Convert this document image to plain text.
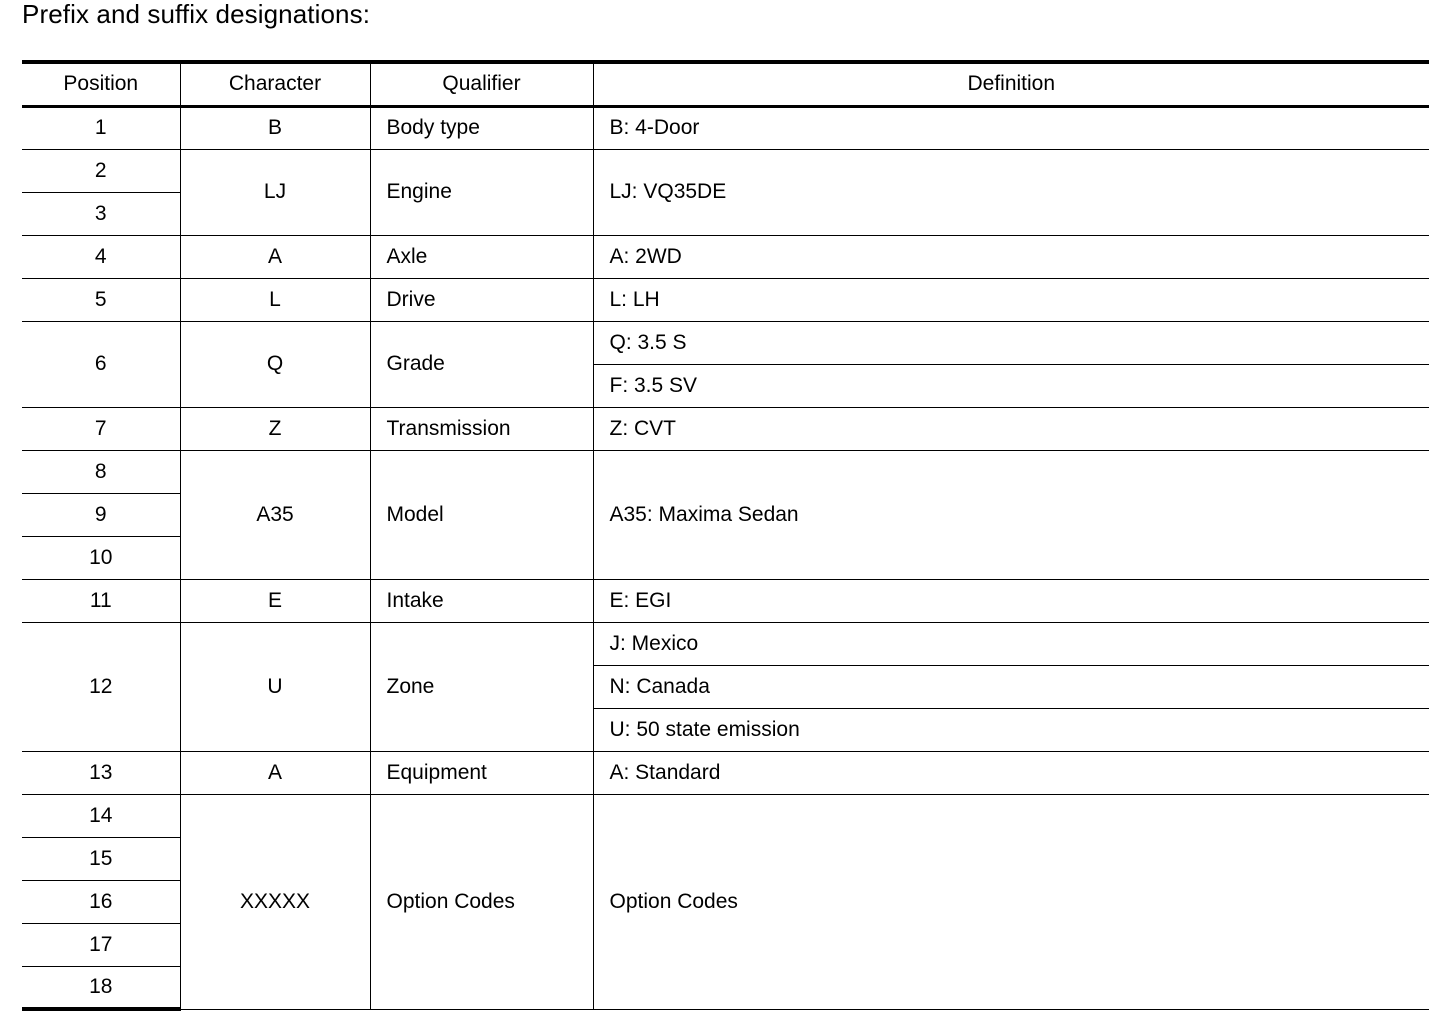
Prefix and suffix designations:
Position	Character	Qualifier	Definition
1	B	Body type	B: 4-Door
2	LJ	Engine	LJ: VQ35DE
3			
4	A	Axle	A: 2WD
5	L	Drive	L: LH
6	Q	Grade	Q: 3.5 S
			F: 3.5 SV
7	Z	Transmission	Z: CVT
8	A35	Model	A35: Maxima Sedan
9			
10			
11	E	Intake	E: EGI
12	U	Zone	J: Mexico
			N: Canada
			U: 50 state emission
13	A	Equipment	A: Standard
14	XXXXX	Option Codes	Option Codes
15			
16			
17			
18			
